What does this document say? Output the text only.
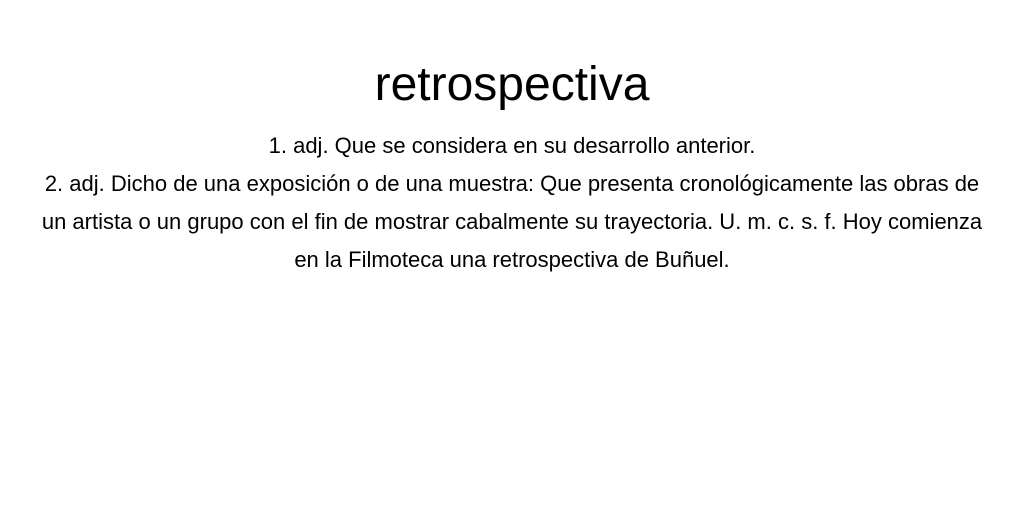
retrospectiva

1. adj. Que se considera en su desarrollo anterior.

2. adj. Dicho de una exposición o de una muestra: Que presenta cronológicamente las obras de un artista o un grupo con el fin de mostrar cabalmente su trayectoria. U. m. c. s. f. Hoy comienza en la Filmoteca una retrospectiva de Buñuel.
